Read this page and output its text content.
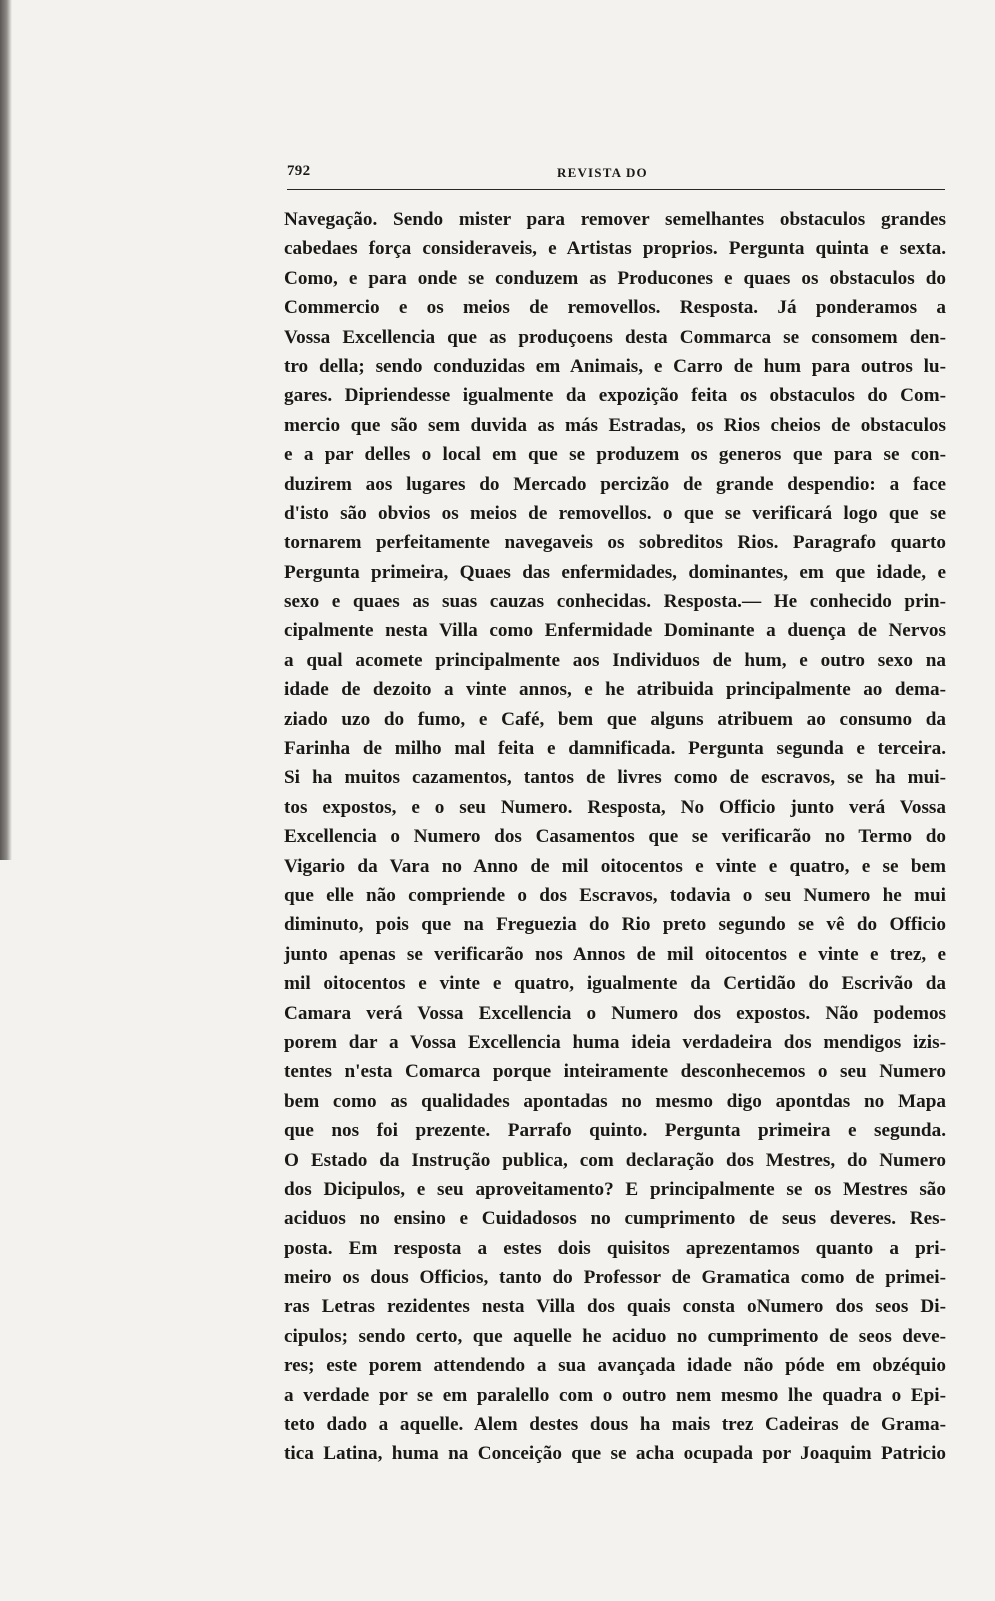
792	REVISTA DO
Navegação. Sendo mister para remover semelhantes obstaculos grandes
cabedaes força consideraveis, e Artistas proprios. Pergunta quinta e sexta.
Como, e para onde se conduzem as Producones e quaes os obstaculos do
Commercio e os meios de removellos. Resposta. Já ponderamos a
Vossa Excellencia que as produçoens desta Commarca se consomem den-
tro della; sendo conduzidas em Animais, e Carro de hum para outros lu-
gares. Dipriendesse igualmente da expozição feita os obstaculos do Com-
mercio que são sem duvida as más Estradas, os Rios cheios de obstaculos
e a par delles o local em que se produzem os generos que para se con-
duzirem aos lugares do Mercado percizão de grande despendio: a face
d'isto são obvios os meios de removellos. o que se verificará logo que se
tornarem perfeitamente navegaveis os sobreditos Rios. Paragrafo quarto
Pergunta primeira, Quaes das enfermidades, dominantes, em que idade, e
sexo e quaes as suas cauzas conhecidas. Resposta.— He conhecido prin-
cipalmente nesta Villa como Enfermidade Dominante a duença de Nervos
a qual acomete principalmente aos Individuos de hum, e outro sexo na
idade de dezoito a vinte annos, e he atribuida principalmente ao dema-
ziado uzo do fumo, e Café, bem que alguns atribuem ao consumo da
Farinha de milho mal feita e damnificada. Pergunta segunda e terceira.
Si ha muitos cazamentos, tantos de livres como de escravos, se ha mui-
tos expostos, e o seu Numero. Resposta, No Officio junto verá Vossa
Excellencia o Numero dos Casamentos que se verificarão no Termo do
Vigario da Vara no Anno de mil oitocentos e vinte e quatro, e se bem
que elle não compriende o dos Escravos, todavia o seu Numero he mui
diminuto, pois que na Freguezia do Rio preto segundo se vê do Officio
junto apenas se verificarão nos Annos de mil oitocentos e vinte e trez, e
mil oitocentos e vinte e quatro, igualmente da Certidão do Escrivão da
Camara verá Vossa Excellencia o Numero dos expostos. Não podemos
porem dar a Vossa Excellencia huma ideia verdadeira dos mendigos izis-
tentes n'esta Comarca porque inteiramente desconhecemos o seu Numero
bem como as qualidades apontadas no mesmo digo apontdas no Mapa
que nos foi prezente. Parrafo quinto. Pergunta primeira e segunda.
O Estado da Instrução publica, com declaração dos Mestres, do Numero
dos Dicipulos, e seu aproveitamento? E principalmente se os Mestres são
aciduos no ensino e Cuidadosos no cumprimento de seus deveres. Res-
posta. Em resposta a estes dois quisitos aprezentamos quanto a pri-
meiro os dous Officios, tanto do Professor de Gramatica como de primei-
ras Letras rezidentes nesta Villa dos quais consta oNumero dos seos Di-
cipulos; sendo certo, que aquelle he aciduo no cumprimento de seos deve-
res; este porem attendendo a sua avançada idade não póde em obzéquio
a verdade por se em paralello com o outro nem mesmo lhe quadra o Epi-
teto dado a aquelle. Alem destes dous ha mais trez Cadeiras de Grama-
tica Latina, huma na Conceição que se acha ocupada por Joaquim Patricio
